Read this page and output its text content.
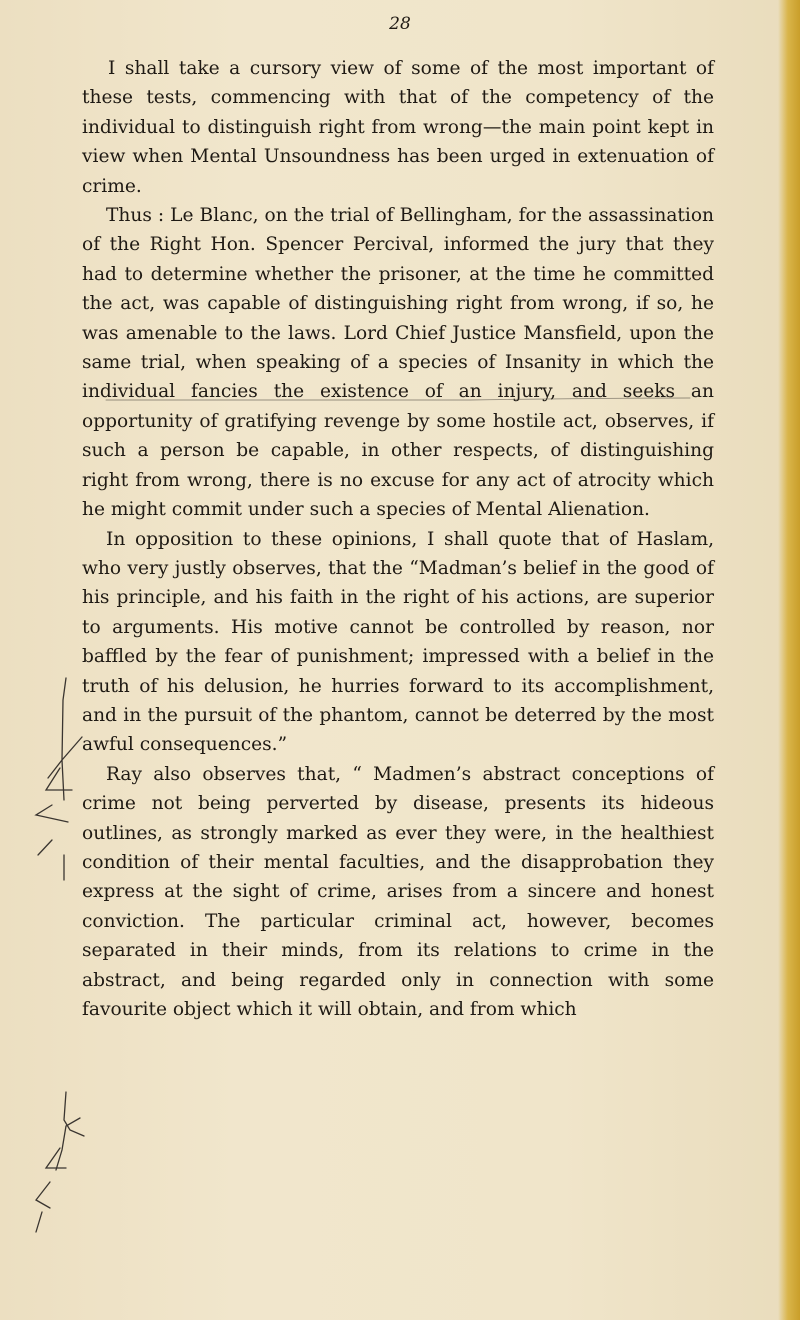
28

I shall take a cursory view of some of the most important of these tests, commencing with that of the competency of the individual to distinguish right from wrong—the main point kept in view when Mental Unsoundness has been urged in extenuation of crime.

Thus : Le Blanc, on the trial of Bellingham, for the assassination of the Right Hon. Spencer Percival, informed the jury that they had to determine whether the prisoner, at the time he committed the act, was capable of distinguishing right from wrong, if so, he was amenable to the laws. Lord Chief Justice Mansfield, upon the same trial, when speaking of a species of Insanity in which the individual fancies the existence of an injury, and seeks an opportunity of gratifying revenge by some hostile act, observes, if such a person be capable, in other respects, of distinguishing right from wrong, there is no excuse for any act of atrocity which he might commit under such a species of Mental Alienation.

In opposition to these opinions, I shall quote that of Haslam, who very justly observes, that the “Madman’s belief in the good of his principle, and his faith in the right of his actions, are superior to arguments. His motive cannot be controlled by reason, nor baffled by the fear of punishment; impressed with a belief in the truth of his delusion, he hurries forward to its accomplishment, and in the pursuit of the phantom, cannot be deterred by the most awful consequences.”

Ray also observes that, “ Madmen’s abstract conceptions of crime not being perverted by disease, presents its hideous outlines, as strongly marked as ever they were, in the healthiest condition of their mental faculties, and the disapprobation they express at the sight of crime, arises from a sincere and honest conviction. The particular criminal act, however, becomes separated in their minds, from its relations to crime in the abstract, and being regarded only in connection with some favourite object which it will obtain, and from which
